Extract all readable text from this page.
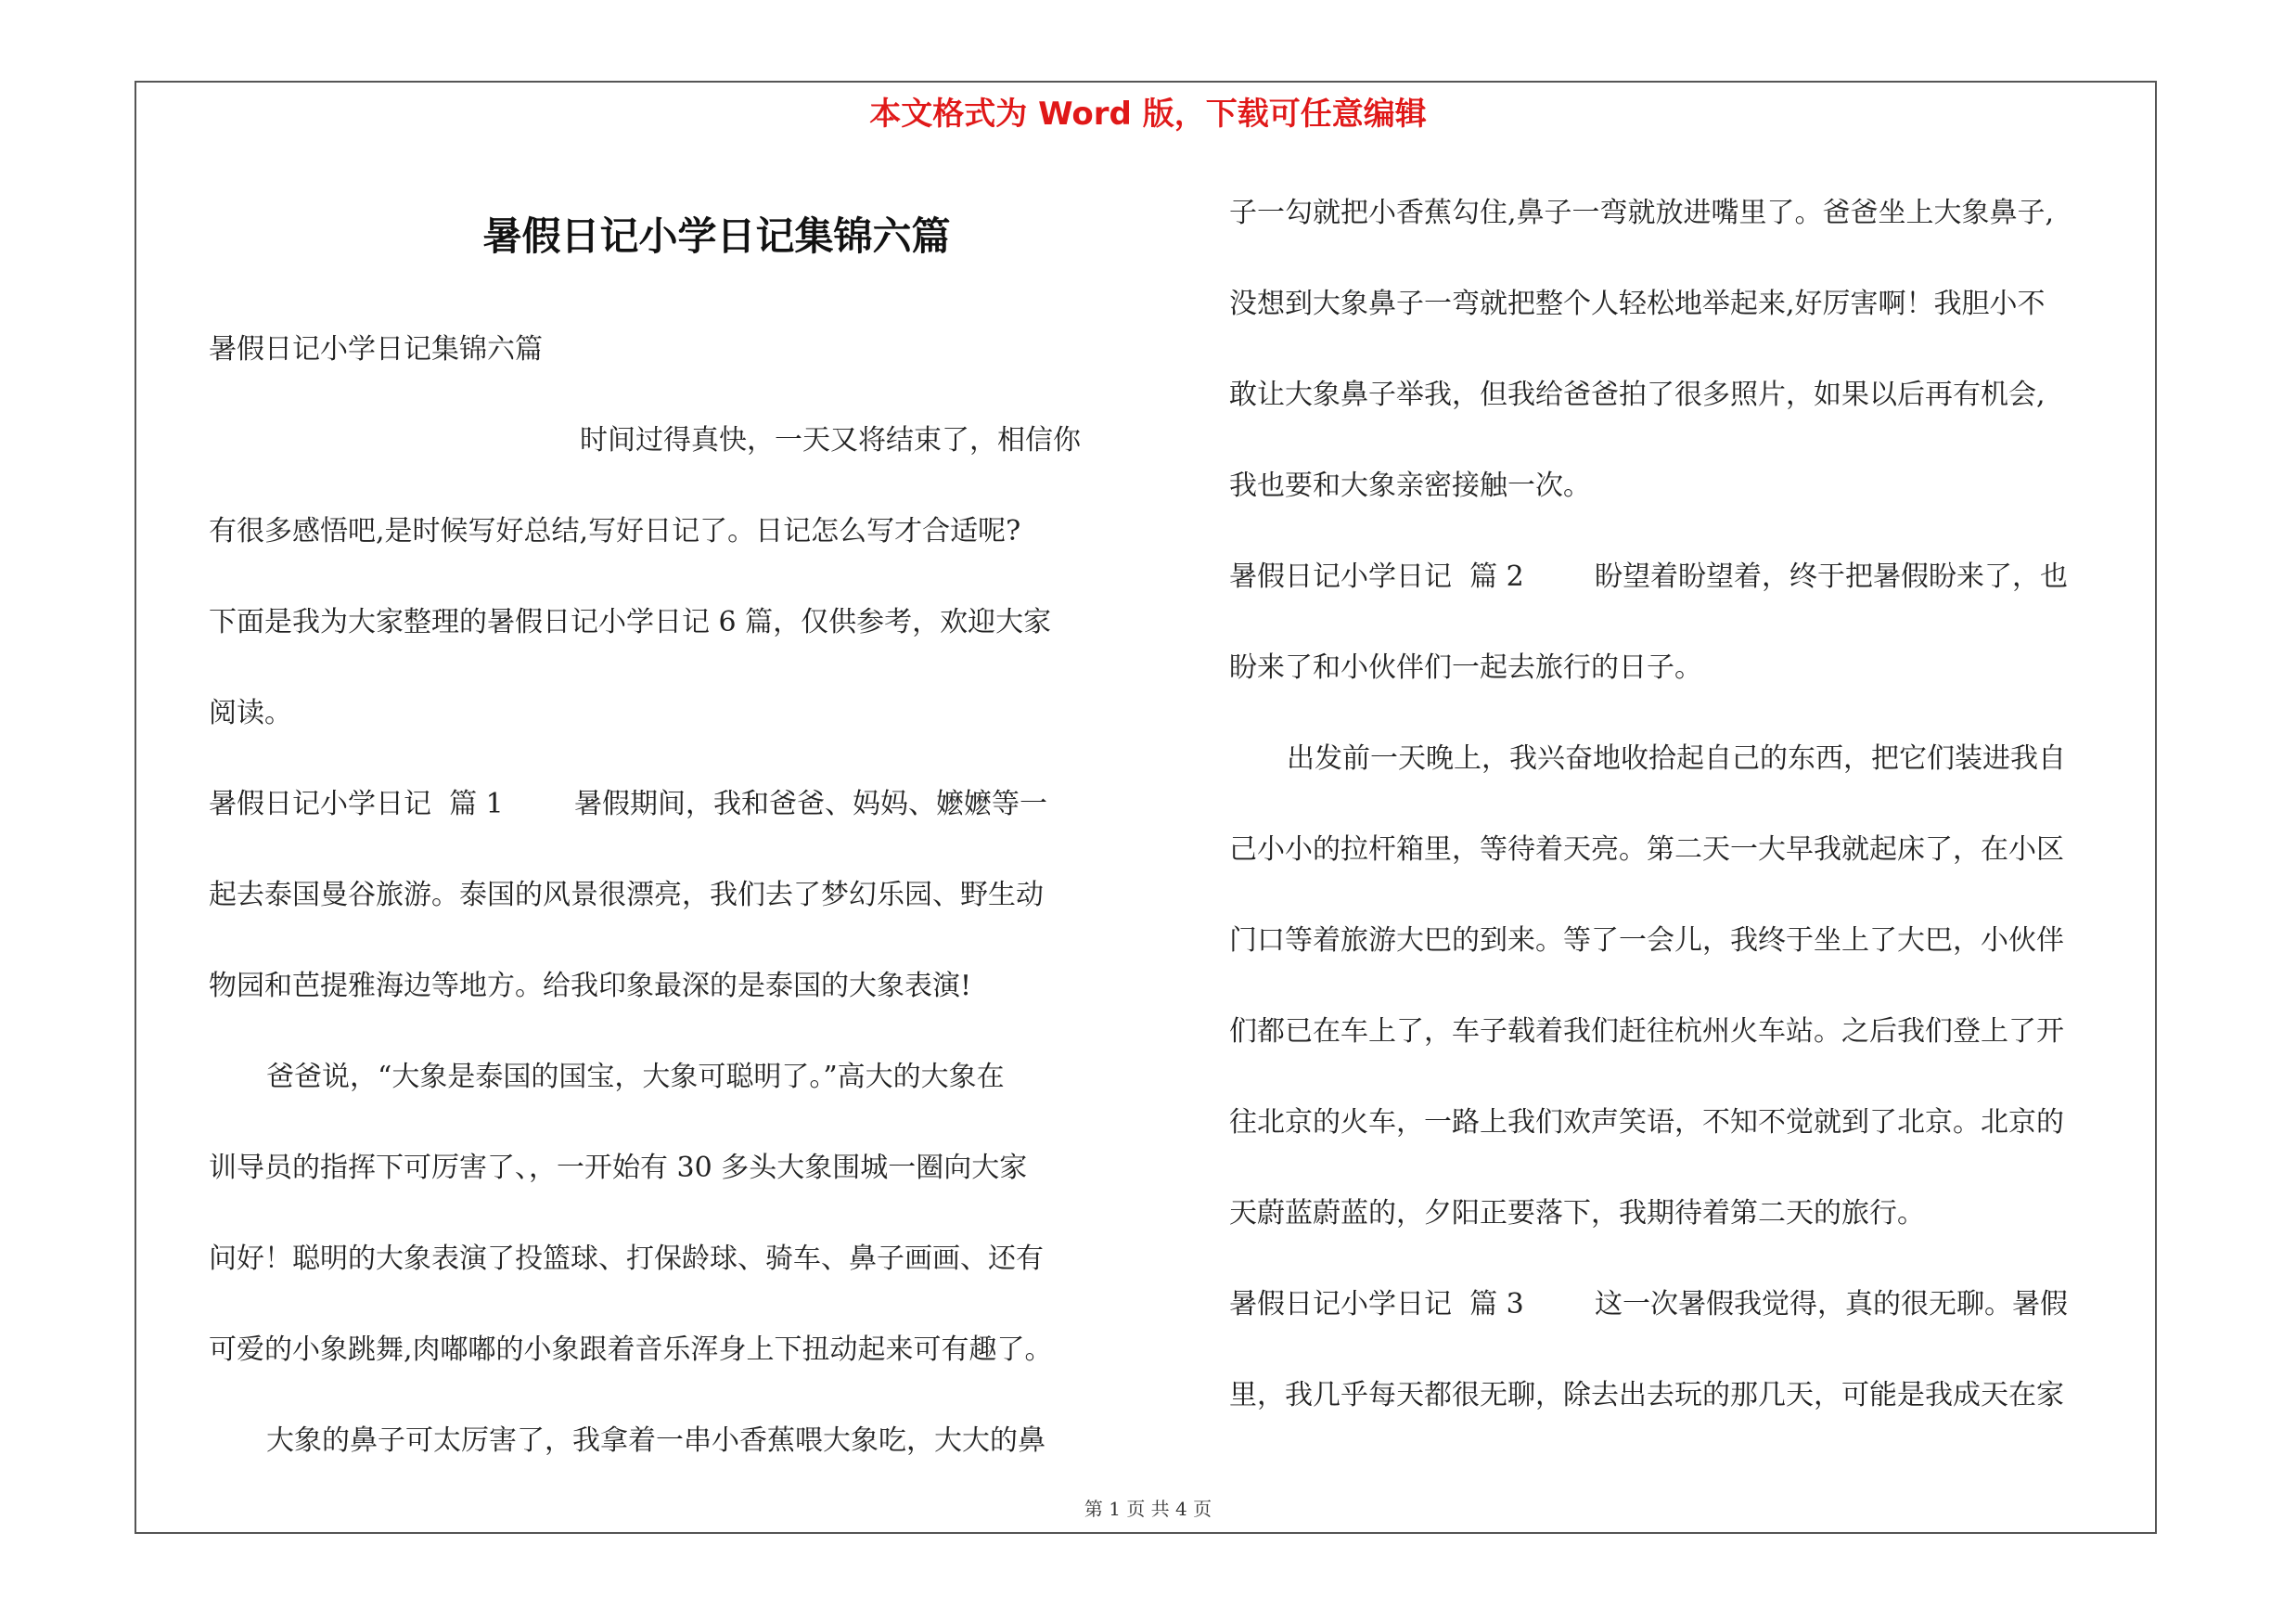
本文格式为 Word 版，下载可任意编辑
暑假日记小学日记集锦六篇
暑假日记小学日记集锦六篇
时间过得真快，一天又将结束了，相信你
有很多感悟吧,是时候写好总结,写好日记了。日记怎么写才合适呢?
下面是我为大家整理的暑假日记小学日记 6 篇，仅供参考，欢迎大家
阅读。
暑假日记小学日记  篇 1        暑假期间，我和爸爸、妈妈、嬷嬷等一
起去泰国曼谷旅游。泰国的风景很漂亮，我们去了梦幻乐园、野生动
物园和芭提雅海边等地方。给我印象最深的是泰国的大象表演!
爸爸说，“大象是泰国的国宝，大象可聪明了。”高大的大象在
训导员的指挥下可厉害了、，一开始有 30 多头大象围城一圈向大家
问好！聪明的大象表演了投篮球、打保龄球、骑车、鼻子画画、还有
可爱的小象跳舞,肉嘟嘟的小象跟着音乐浑身上下扭动起来可有趣了。
大象的鼻子可太厉害了，我拿着一串小香蕉喂大象吃，大大的鼻
子一勾就把小香蕉勾住,鼻子一弯就放进嘴里了。爸爸坐上大象鼻子,
没想到大象鼻子一弯就把整个人轻松地举起来,好厉害啊！我胆小不
敢让大象鼻子举我，但我给爸爸拍了很多照片，如果以后再有机会,
我也要和大象亲密接触一次。
暑假日记小学日记  篇 2        盼望着盼望着，终于把暑假盼来了，也
盼来了和小伙伴们一起去旅行的日子。
出发前一天晚上，我兴奋地收拾起自己的东西，把它们装进我自
己小小的拉杆箱里，等待着天亮。第二天一大早我就起床了，在小区
门口等着旅游大巴的到来。等了一会儿，我终于坐上了大巴，小伙伴
们都已在车上了，车子载着我们赶往杭州火车站。之后我们登上了开
往北京的火车，一路上我们欢声笑语，不知不觉就到了北京。北京的
天蔚蓝蔚蓝的，夕阳正要落下，我期待着第二天的旅行。
暑假日记小学日记  篇 3        这一次暑假我觉得，真的很无聊。暑假
里，我几乎每天都很无聊，除去出去玩的那几天，可能是我成天在家
第 1 页 共 4 页
